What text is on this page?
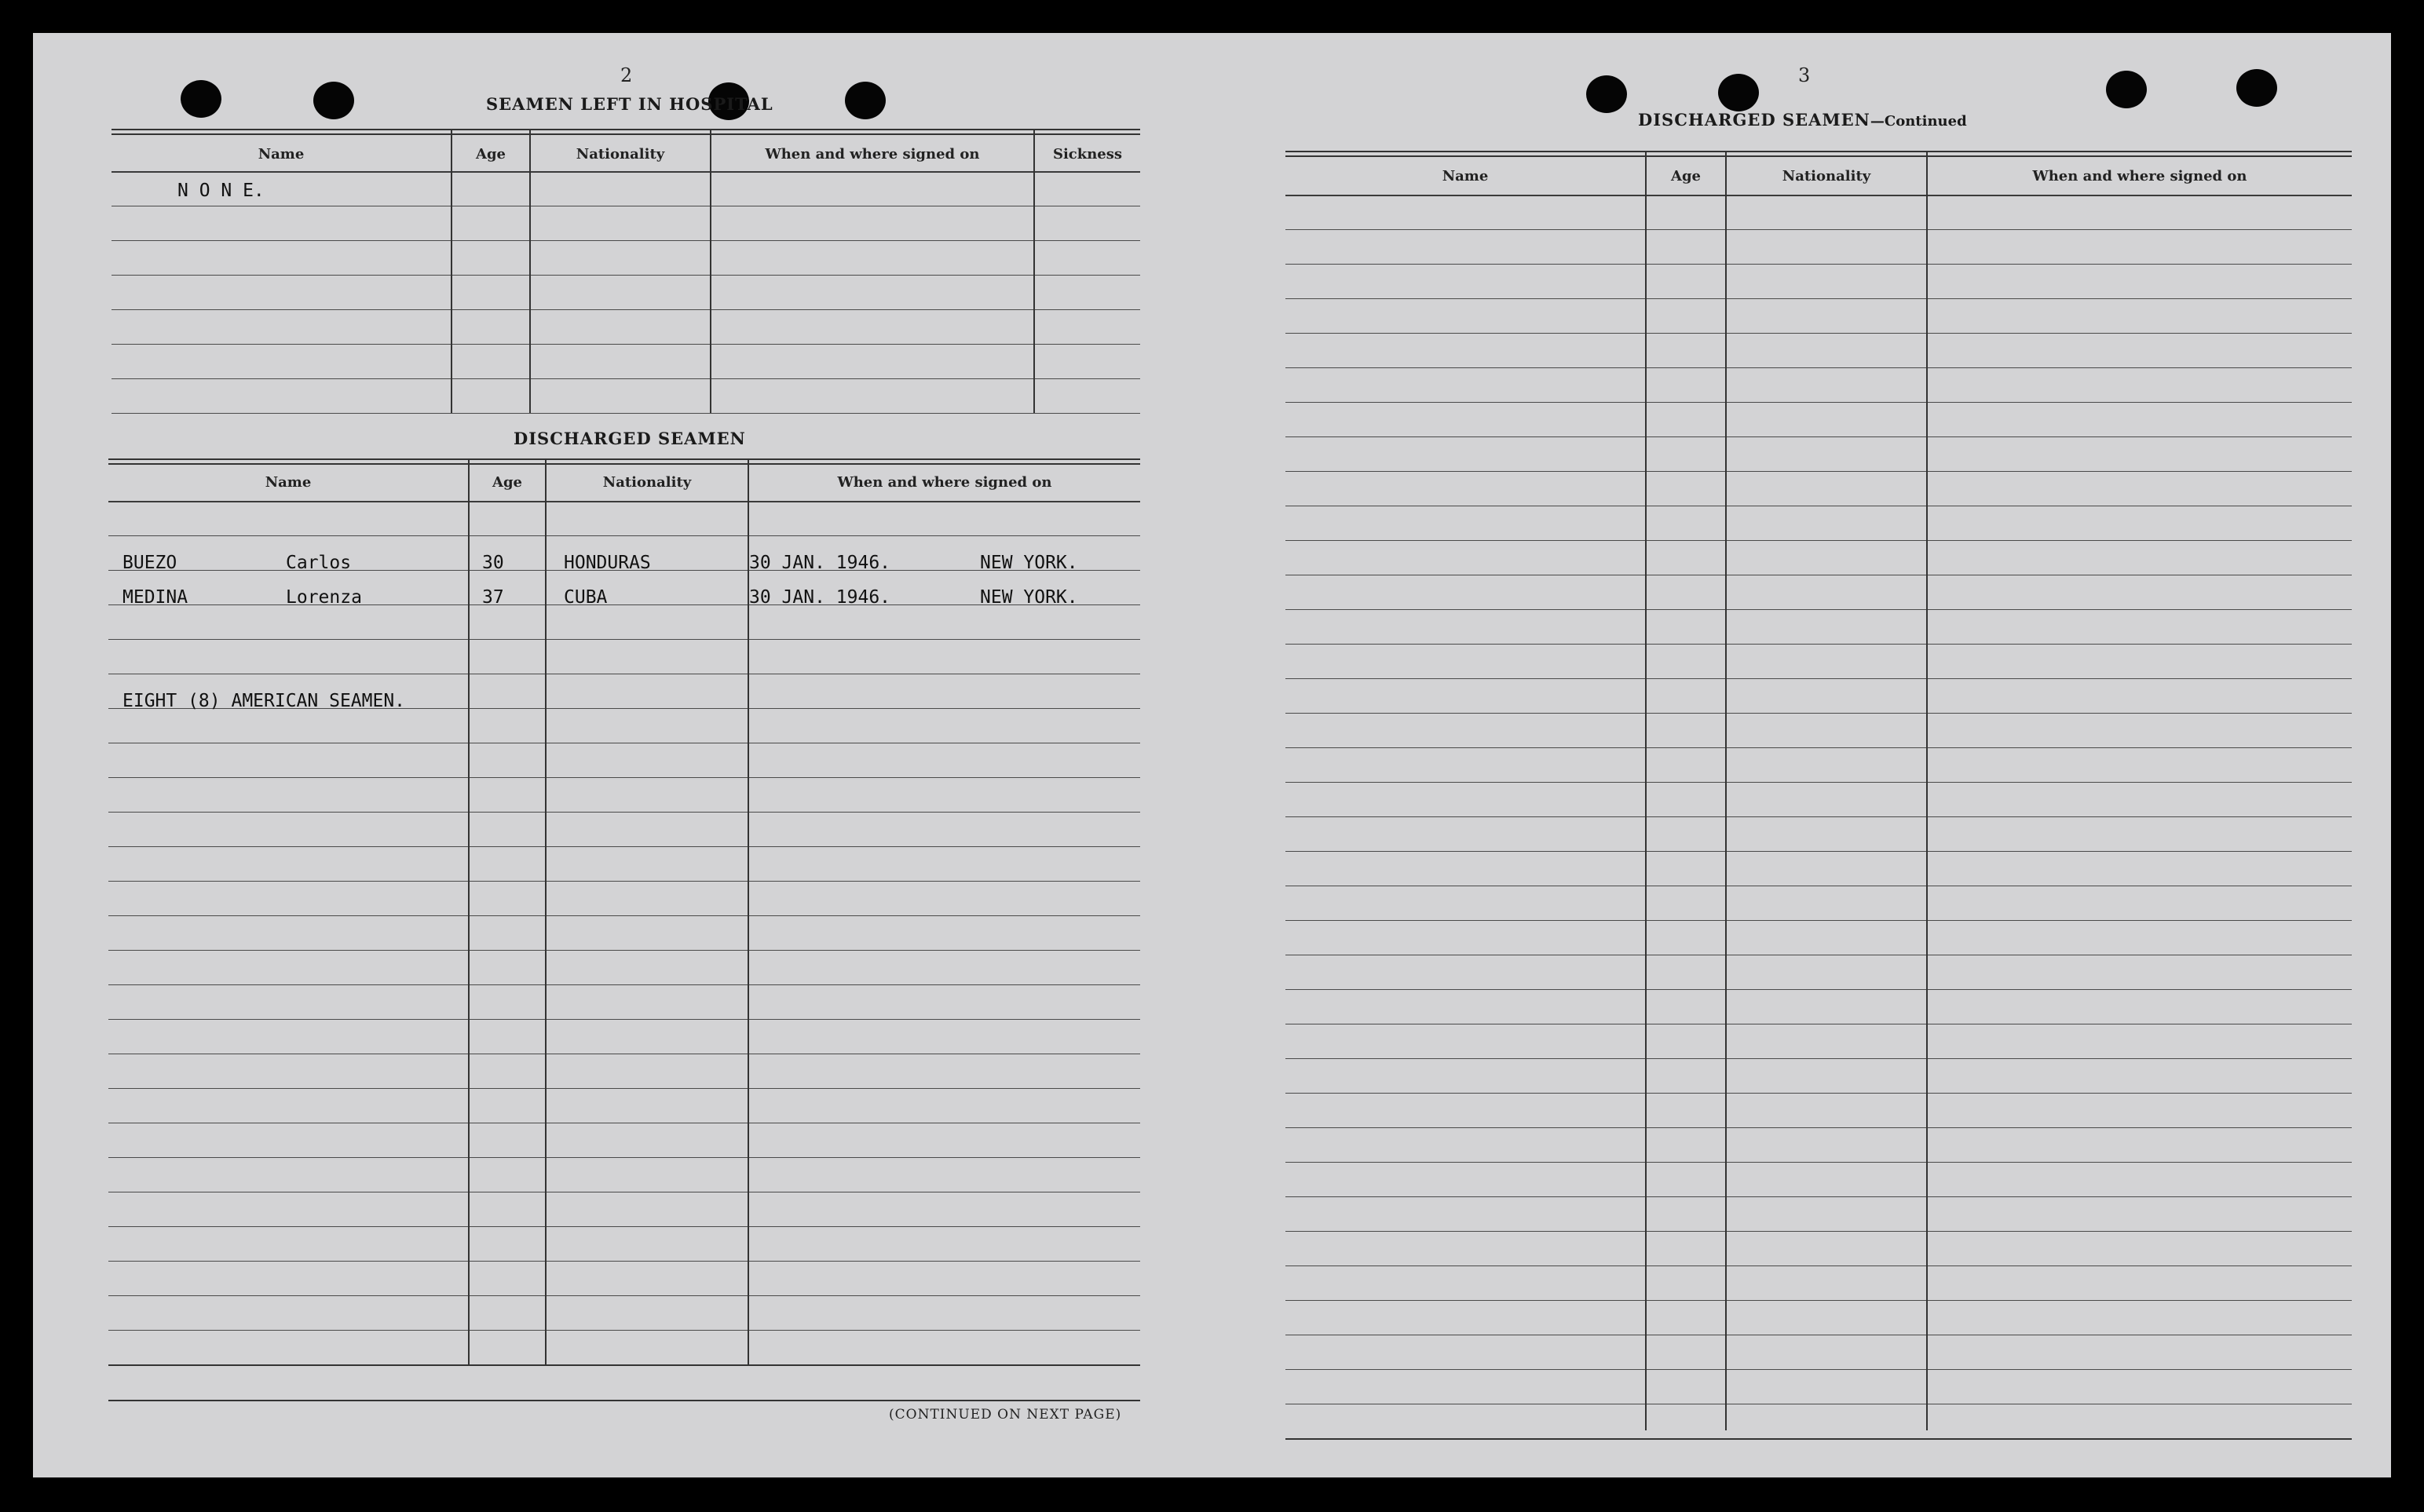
2
SEAMEN LEFT IN HOSPITAL
Name	Age	Nationality	When and where signed on	Sickness
N O N E.
DISCHARGED SEAMEN
Name	Age	Nationality	When and where signed on
BUEZO	Carlos	30	HONDURAS	30 JAN. 1946.	NEW YORK.
MEDINA	Lorenza	37	CUBA	30 JAN. 1946.	NEW YORK.
EIGHT (8) AMERICAN SEAMEN.
(CONTINUED ON NEXT PAGE)
3
DISCHARGED SEAMEN—Continued
Name	Age	Nationality	When and where signed on
